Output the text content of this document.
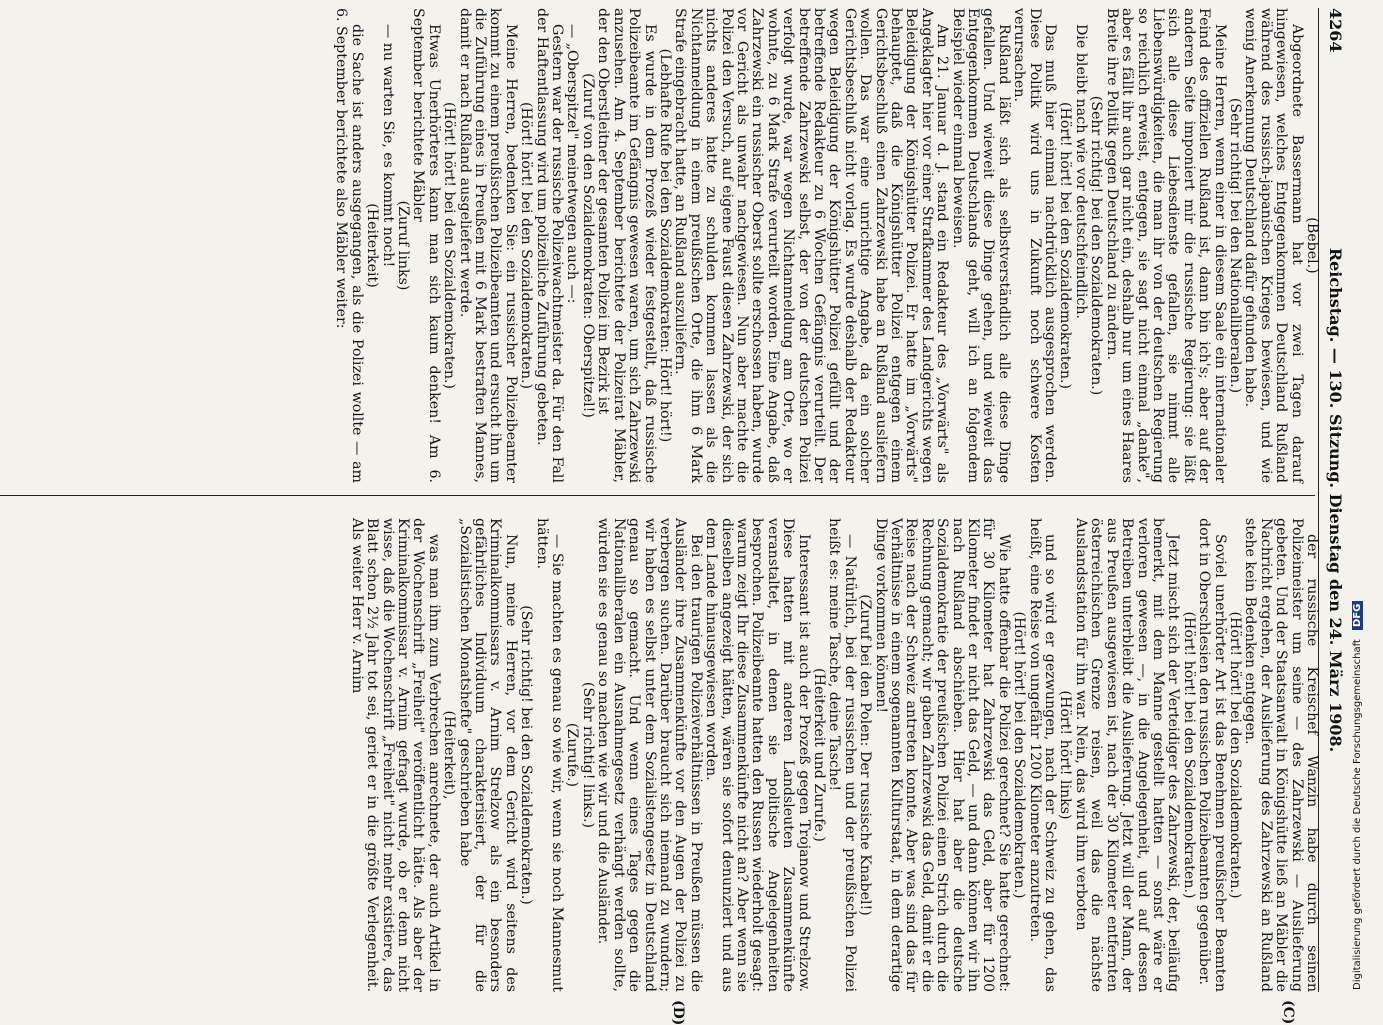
4264
Reichstag. — 130. Sitzung. Dienstag den 24. März 1908.
(C)
(D)

(Bebel.)

Abgeordnete Bassermann hat vor zwei Tagen darauf hingewiesen, welches Entgegenkommen Deutschland Rußland während des russisch-japanischen Krieges bewiesen, und wie wenig Anerkennung Deutschland dafür gefunden habe.

(Sehr richtig! bei den Nationalliberalen.)

Meine Herren, wenn einer in diesem Saale ein internationaler Feind des offiziellen Rußland ist, dann bin ich's; aber auf der anderen Seite imponiert mir die russische Regierung: sie läßt sich alle diese Liebesdienste gefallen, sie nimmt alle Liebenswürdigkeiten, die man ihr von der deutschen Regierung so reichlich erweist, entgegen, sie sagt nicht einmal „danke", aber es fällt ihr auch gar nicht ein, deshalb nur um eines Haares Breite ihre Politik gegen Deutschland zu ändern.

(Sehr richtig! bei den Sozialdemokraten.)

Die bleibt nach wie vor deutschfeindlich.

(Hört! hört! bei den Sozialdemokraten.)

Das muß hier einmal nachdrücklich ausgesprochen werden. Diese Politik wird uns in Zukunft noch schwere Kosten verursachen.

Rußland läßt sich als selbstverständlich alle diese Dinge gefallen. Und wieweit diese Dinge gehen, und wieweit das Entgegenkommen Deutschlands geht, will ich an folgendem Beispiel wieder einmal beweisen.

Am 21. Januar d. J. stand ein Redakteur des „Vorwärts" als Angeklagter hier vor einer Strafkammer des Landgerichts wegen Beleidigung der Königshütter Polizei. Er hatte im „Vorwärts" behauptet, daß die Königshütter Polizei entgegen einem Gerichtsbeschluß einen Zahrzewski habe an Rußland ausliefern wollen. Das war eine unrichtige Angabe, da ein solcher Gerichtsbeschluß nicht vorlag. Es wurde deshalb der Redakteur wegen Beleidigung der Königshütter Polizei gefüllt und der betreffende Redakteur zu 6 Wochen Gefängnis verurteilt. Der betreffende Zahrzewski selbst, der von der deutschen Polizei verfolgt wurde, war wegen Nichtanmeldung am Orte, wo er wohnte, zu 6 Mark Strafe verurteilt worden. Eine Angabe, daß Zahrzewski ein russischer Oberst sollte erschossen haben, wurde vor Gericht als unwahr nachgewiesen. Nun aber machte die Polizei den Versuch, auf eigene Faust diesen Zahrzewski, der sich nichts anderes hatte zu schulden kommen lassen als die Nichtanmeldung in einem preußischen Orte, die ihm 6 Mark Strafe eingebracht hatte, an Rußland auszuliefern.

(Lebhafte Rufe bei den Sozialdemokraten: Hört! hört!)

Es wurde in dem Prozeß wieder festgestellt, daß russische Polizeibeamte im Gefängnis gewesen waren, um sich Zahrzewski anzusehen. Am 4. September berichtete der Polizeirat Mäbler, der den Oberstleitner der gesamten Polizei im Bezirk ist

(Zuruf von den Sozialdemokraten: Oberspitzel!)

— „Oberspitzel" meinetwegen auch —:

Gestern war der russische Polizeiwachtmeister da. Für den Fall der Haftentlassung wird um polizeiliche Zuführung gebeten.

(Hört! hört! bei den Sozialdemokraten.)

Meine Herren, bedenken Sie: ein russischer Polizeibeamter kommt zu einem preußischen Polizeibeamten und ersucht ihn um die Zuführung eines in Preußen mit 6 Mark bestraften Mannes, damit er nach Rußland ausgeliefert werde.

(Hört! hört! bei den Sozialdemokraten.)

Etwas Unerhörteres kann man sich kaum denken! Am 6. September berichtete Mäbler

(Zuruf links)

— nu warten Sie, es kommt noch!

(Heiterkeit)

die Sache ist anders ausgegangen, als die Polizei wollte — am 6. September berichtete also Mäbler weiter:

der russische Kreischef Wanzin habe durch seinen Polizeimeister um seine — des Zahrzewski — Auslieferung gebeten. Und der Staatsanwalt in Königshütte ließ an Mäbler die Nachricht ergehen, der Auslieferung des Zahrzewski an Rußland stehe kein Bedenken entgegen.

(Hört! hört! bei den Sozialdemokraten.)

Soviel unerhörter Art ist das Benehmen preußischer Beamten dort in Oberschlesien den russischen Polizeibeamten gegenüber.

(Hört! hört! bei den Sozialdemokraten.)

Jetzt mischt sich der Verteidiger des Zahrzewski, der, beiläufig bemerkt, mit dem Manne gestellt hatten — sonst wäre er verloren gewesen —, in die Angelegenheit, und auf dessen Betreiben unterbleibt die Auslieferung. Jetzt will der Mann, der aus Preußen ausgewiesen ist, nach der 30 Kilometer entfernten österreichischen Grenze reisen, weil das die nächste Auslandsstation für ihn war. Nein, das wird ihm verboten

(Hört! hört! links)

und so wird er gezwungen, nach der Schweiz zu gehen, das heißt, eine Reise von ungefähr 1200 Kilometer anzutreten.

(Hört! hört! bei den Sozialdemokraten.)

Wie hatte offenbar die Polizei gerechnet? Sie hatte gerechnet: für 30 Kilometer hat Zahrzewski das Geld, aber für 1200 Kilometer findet er nicht das Geld, — und dann können wir ihn nach Rußland abschieben. Hier hat aber die deutsche Sozialdemokratie der preußischen Polizei einen Strich durch die Rechnung gemacht; wir gaben Zahrzewski das Geld, damit er die Reise nach der Schweiz antreten konnte. Aber was sind das für Verhältnisse in einem sogenannten Kulturstaat, in dem derartige Dinge vorkommen können!

(Zuruf bei den Polen: Der russische Knabel!)

— Natürlich, bei der russischen und der preußischen Polizei heißt es: meine Tasche, deine Tasche!

(Heiterkeit und Zurufe.)

Interessant ist auch der Prozeß gegen Trojanow und Strelzow. Diese hatten mit anderen Landsleuten Zusammenkünfte veranstaltet, in denen sie politische Angelegenheiten besprochen. Polizeibeamte hatten den Russen wiederholt gesagt: warum zeigt Ihr diese Zusammenkünfte nicht an? Aber wenn sie dieselben angezeigt hätten, wären sie sofort denunziert und aus dem Lande hinausgewiesen worden.

Bei den traurigen Polizeiverhältnissen in Preußen müssen die Ausländer ihre Zusammenkünfte vor den Augen der Polizei zu verbergen suchen. Darüber braucht sich niemand zu wundern; wir haben es selbst unter dem Sozialistengesetz in Deutschland genau so gemacht. Und wenn eines Tages gegen die Nationalliberalen ein Ausnahmegesetz verhängt werden sollte, würden sie es genau so machen wie wir und die Ausländer.

(Sehr richtig! links.)

(Zurufe.)

— Sie machten es genau so wie wir, wenn sie noch Mannesmut hätten.

(Sehr richtig! bei den Sozialdemokraten.)

Nun, meine Herren, vor dem Gericht wird seitens des Kriminalkommissars v. Arnim Strelzow als ein besonders gefährliches Individuum charakterisiert, der für die „Sozialistischen Monatshefte" geschrieben habe

(Heiterkeit),

was man ihm zum Verbrechen anrechnete, der auch Artikel in der Wochenschrift „Freiheit" veröffentlicht hätte. Als aber der Kriminalkommissar v. Arnim gefragt wurde, ob er denn nicht wisse, daß die Wochenschrift „Freiheit" nicht mehr existiere, das Blatt schon 2½ Jahr tot sei, geriet er in die größte Verlegenheit. Als weiter Herr v. Arnim

Digitalisierung gefördert durch die Deutsche Forschungsgemeinschaft DFG
